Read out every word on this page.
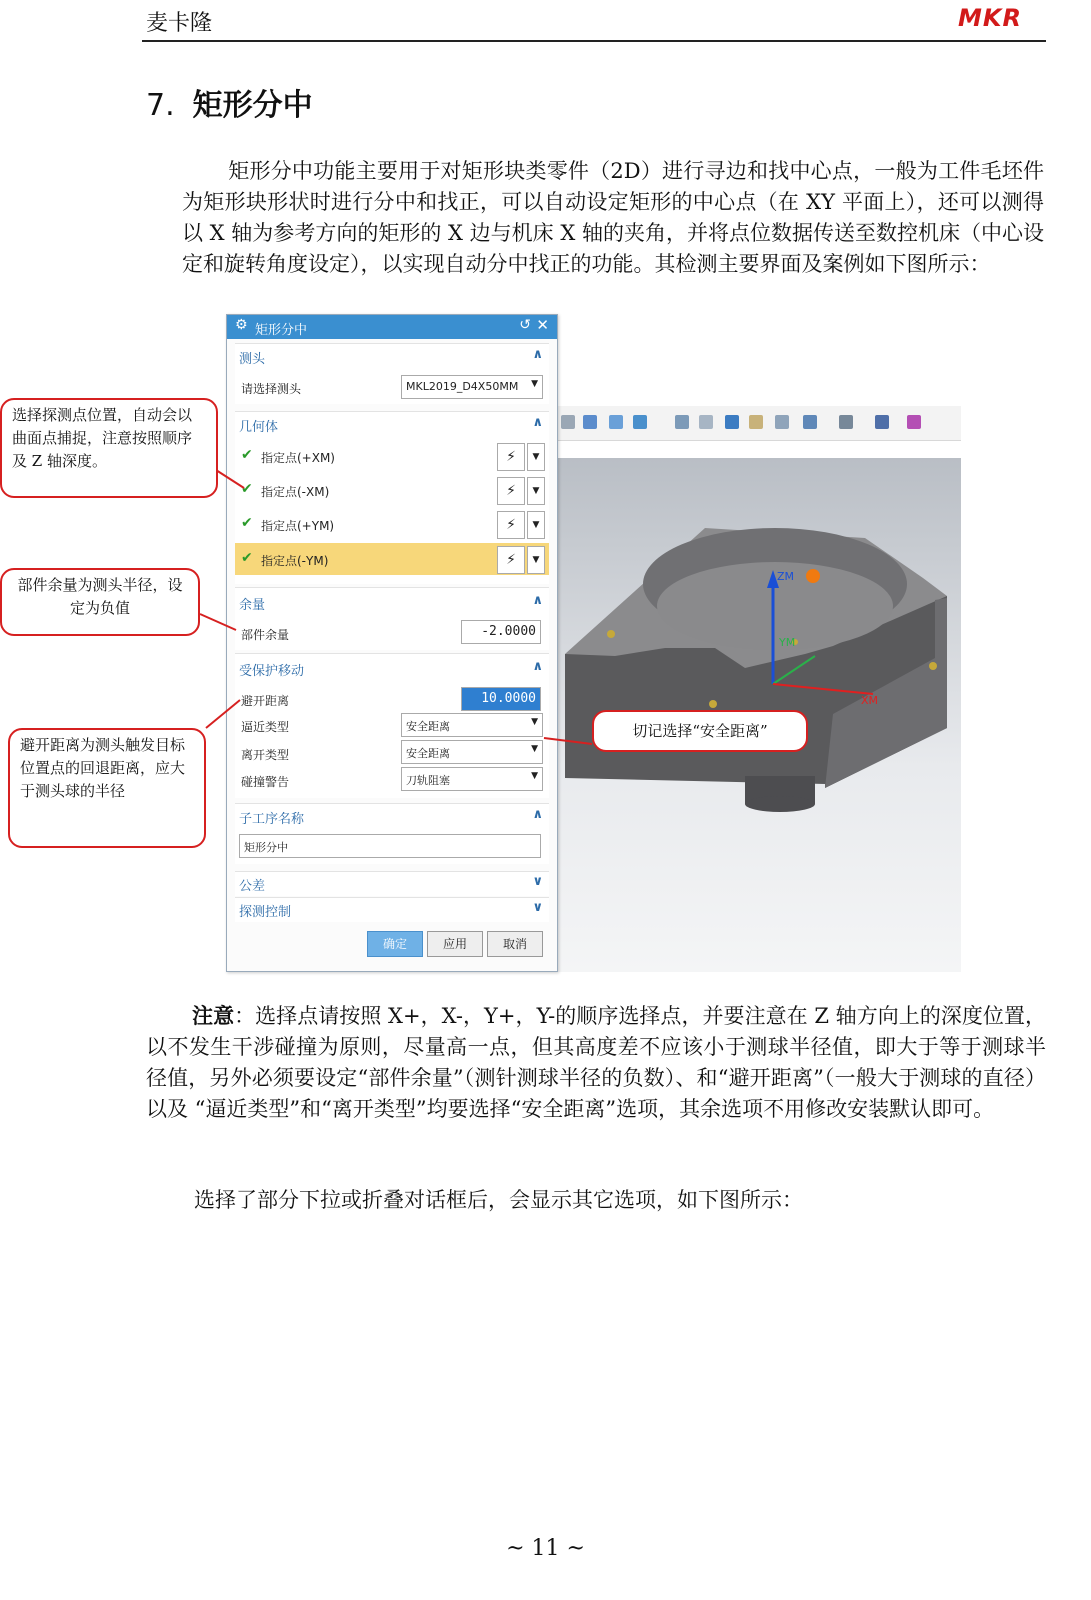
麦卡隆	MKR
7. 矩形分中
矩形分中功能主要用于对矩形块类零件（2D）进行寻边和找中心点，一般为工件毛坯件为矩形块形状时进行分中和找正，可以自动设定矩形的中心点（在 XY 平面上），还可以测得以 X 轴为参考方向的矩形的 X 边与机床 X 轴的夹角，并将点位数据传送至数控机床（中心设定和旋转角度设定），以实现自动分中找正的功能。其检测主要界面及案例如下图所示：
ZM
YM
XM
⚙ 矩形分中	↺ ✕
测头	∧
请选择测头	MKL2019_D4X50MM	▼
几何体	∧
✔ 指定点(+XM)	⚡	▼
✔ 指定点(-XM)	⚡	▼
✔ 指定点(+YM)	⚡	▼
✔ 指定点(-YM)	⚡	▼
余量	∧
部件余量	-2.0000
受保护移动	∧
避开距离	10.0000
逼近类型	安全距离	▼
离开类型	安全距离	▼
碰撞警告	刀轨阻塞	▼
子工序名称	∧
矩形分中
公差	∨
探测控制	∨
确定	应用	取消
选择探测点位置，自动会以曲面点捕捉，注意按照顺序及 Z 轴深度。
部件余量为测头半径，设定为负值
避开距离为测头触发目标位置点的回退距离，应大于测头球的半径
切记选择“安全距离”
注意：选择点请按照 X+，X-，Y+，Y-的顺序选择点，并要注意在 Z 轴方向上的深度位置，以不发生干涉碰撞为原则，尽量高一点，但其高度差不应该小于测球半径值，即大于等于测球半径值，另外必须要设定“部件余量”（测针测球半径的负数）、和“避开距离”（一般大于测球的直径）以及 “逼近类型”和“离开类型”均要选择“安全距离”选项，其余选项不用修改安装默认即可。
选择了部分下拉或折叠对话框后，会显示其它选项，如下图所示：
~ 11 ~
